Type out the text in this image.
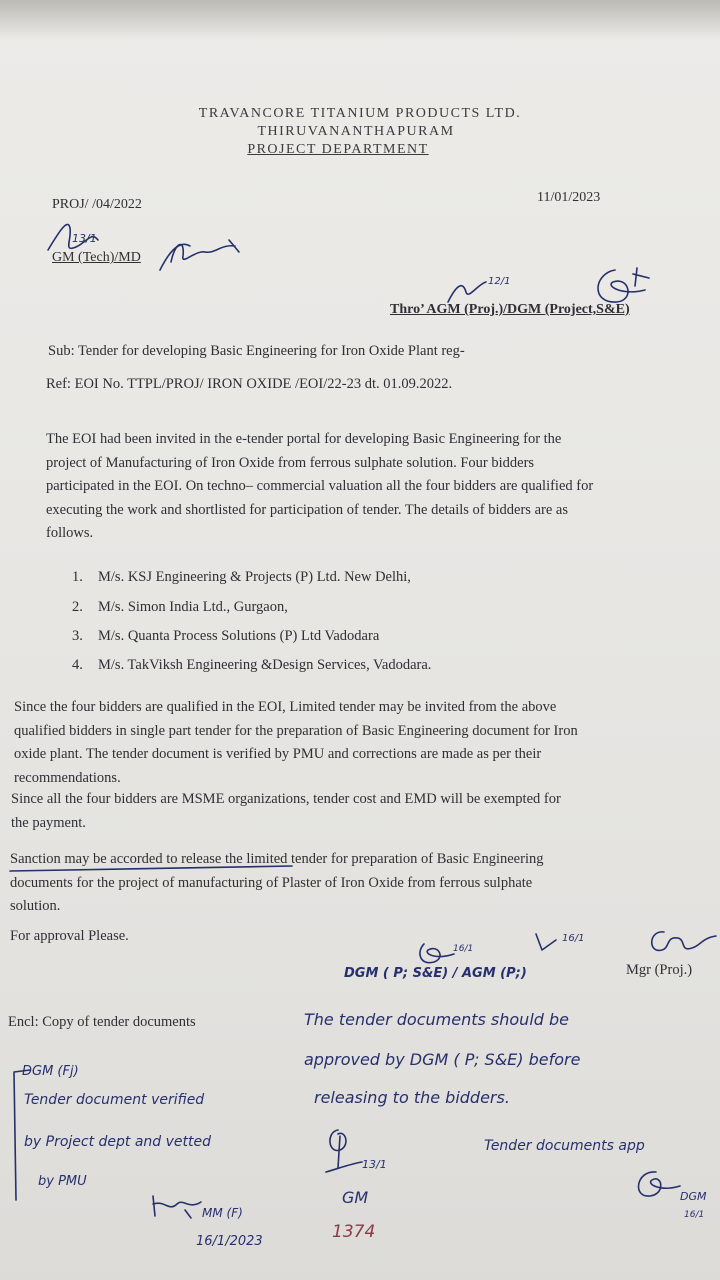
TRAVANCORE TITANIUM PRODUCTS LTD.
THIRUVANANTHAPURAM
PROJECT DEPARTMENT
PROJ/ /04/2022	11/01/2023
GM (Tech)/MD
Thro’ AGM (Proj.)/DGM (Project,S&E)
Sub: Tender for developing Basic Engineering for Iron Oxide Plant reg-
Ref: EOI No. TTPL/PROJ/ IRON OXIDE /EOI/22-23 dt. 01.09.2022.
The EOI had been invited in the e-tender portal for developing Basic Engineering for the
project of Manufacturing of Iron Oxide from ferrous sulphate solution. Four bidders
participated in the EOI. On techno– commercial valuation all the four bidders are qualified for
executing the work and shortlisted for participation of tender. The details of bidders are as
follows.
1. M/s. KSJ Engineering & Projects (P) Ltd. New Delhi,
2. M/s. Simon India Ltd., Gurgaon,
3. M/s. Quanta Process Solutions (P) Ltd Vadodara
4. M/s. TakViksh Engineering &Design Services, Vadodara.
Since the four bidders are qualified in the EOI, Limited tender may be invited from the above
qualified bidders in single part tender for the preparation of Basic Engineering document for Iron
oxide plant. The tender document is verified by PMU and corrections are made as per their
recommendations.
Since all the four bidders are MSME organizations, tender cost and EMD will be exempted for
the payment.
Sanction may be accorded to release the limited tender for preparation of Basic Engineering
documents for the project of manufacturing of Plaster of Iron Oxide from ferrous sulphate
solution.
For approval Please.
Mgr (Proj.)
Encl: Copy of tender documents
13/1
12/1
DGM ( P; S&E) / AGM (P;)
16/1
16/1
The tender documents should be
approved by DGM ( P; S&E) before
releasing to the bidders.
DGM (Fj)
Tender document verified
by Project dept and vetted
by PMU
MM (F)
16/1/2023
13/1
GM
1374
Tender documents app
DGM
16/1
